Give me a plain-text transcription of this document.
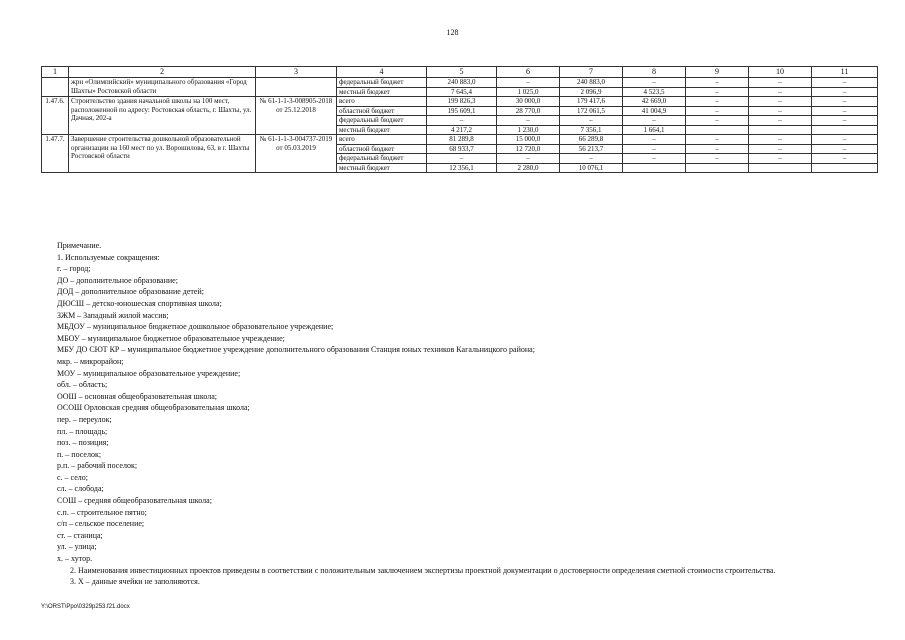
128
1	2	3	4	5	6	7	8	9	10	11
	жрн «Олимпийский» муниципального образования «Город Шахты» Ростовской области		федеральный бюджет	240 883,0	–	240 883,0	–	–	–	–
			местный бюджет	7 645,4	1 025,0	2 096,9	4 523,5	–	–	–
1.47.6.	Строительство здания начальной школы на 100 мест, расположенной по адресу: Ростовская область, г. Шахты, ул. Дачная, 202-а	№ 61-1-1-3-008905-2018 от 25.12.2018	всего	199 826,3	30 000,0	179 417,6	42 669,0	–	–	–
			областной бюджет	195 609,1	28 770,0	172 061,5	41 004,9	–	–	–
			федеральный бюджет	–	–	–	–	–	–	–
			местный бюджет	4 217,2	1 230,0	7 356,1	1 664,1			
1.47.7.	Завершение строительства дошкольной образовательной организации на 160 мест по ул. Ворошилова, 63, в г. Шахты Ростовской области	№ 61-1-1-3-004737-2019 от 05.03.2019	всего	81 289,8	15 000,0	66 289,8	–	–	–	–
			областной бюджет	68 933,7	12 720,0	56 213,7	–	–	–	–
			федеральный бюджет	–	–	–	–	–	–	–
			местный бюджет	12 356,1	2 280,0	10 076,1				
Примечание.
1. Используемые сокращения:
г. – город;
ДО – дополнительное образование;
ДОД – дополнительное образование детей;
ДЮСШ – детско-юношеская спортивная школа;
ЗЖМ – Западный жилой массив;
МБДОУ – муниципальное бюджетное дошкольное образовательное учреждение;
МБОУ – муниципальное бюджетное образовательное учреждение;
МБУ ДО СЮТ КР – муниципальное бюджетное учреждение дополнительного образования Станция юных техников Кагальницкого района;
мкр. – микрорайон;
МОУ – муниципальное образовательное учреждение;
обл. – область;
ООШ – основная общеобразовательная школа;
ОСОШ Орловская средняя общеобразовательная школа;
пер. – переулок;
пл. – площадь;
поз. – позиция;
п. – поселок;
р.п. – рабочий поселок;
с. – село;
сл. – слобода;
СОШ – средняя общеобразовательная школа;
с.п. – строительное пятно;
с/п – сельское поселение;
ст. – станица;
ул. – улица;
х. – хутор.
2. Наименования инвестиционных проектов приведены в соответствии с положительным заключением экспертизы проектной документации о достоверности определения сметной стоимости строительства.
3. Х – данные ячейки не заполняются.
Y:\ORST\Ppo\0329p253.f21.docx
